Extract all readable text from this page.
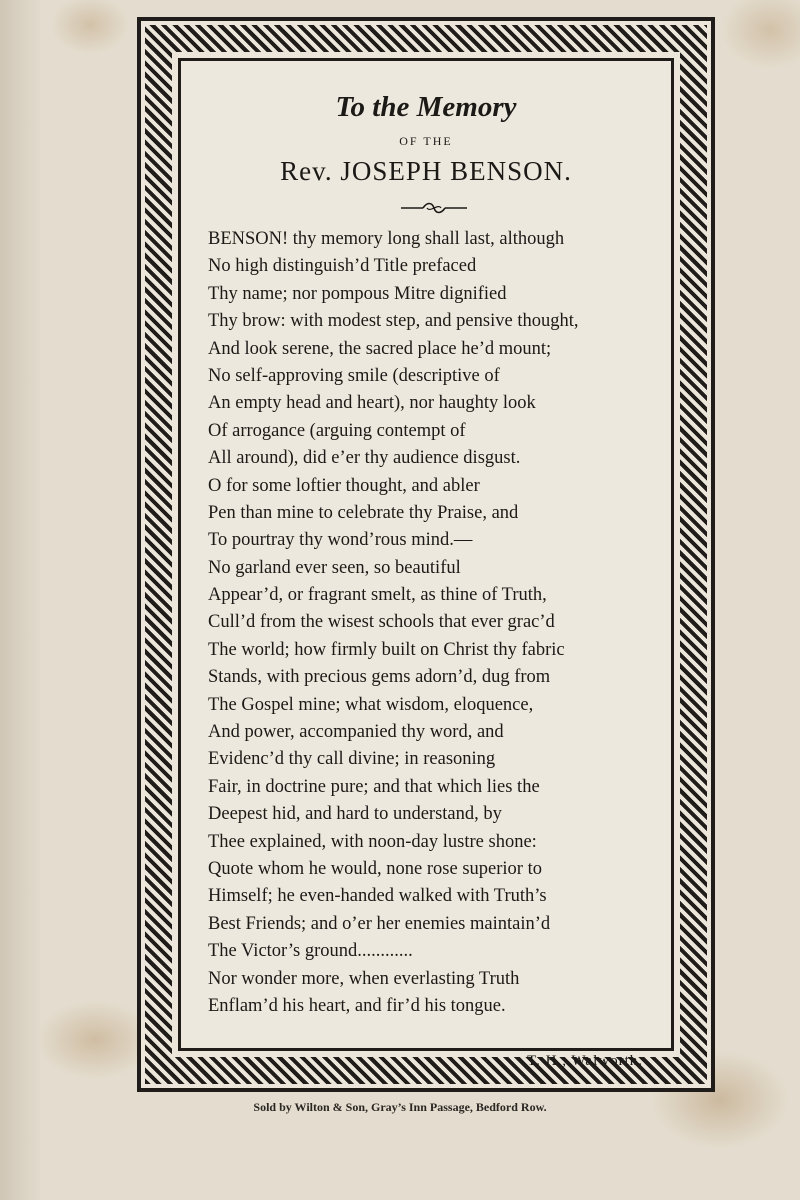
To the Memory
OF THE
Rev. JOSEPH BENSON.
BENSON! thy memory long shall last, although
No high distinguish’d Title prefaced
Thy name; nor pompous Mitre dignified
Thy brow: with modest step, and pensive thought,
And look serene, the sacred place he’d mount;
No self-approving smile (descriptive of
An empty head and heart), nor haughty look
Of arrogance (arguing contempt of
All around), did e’er thy audience disgust.
O for some loftier thought, and abler
Pen than mine to celebrate thy Praise, and
To pourtray thy wond’rous mind.—
No garland ever seen, so beautiful
Appear’d, or fragrant smelt, as thine of Truth,
Cull’d from the wisest schools that ever grac’d
The world; how firmly built on Christ thy fabric
Stands, with precious gems adorn’d, dug from
The Gospel mine; what wisdom, eloquence,
And power, accompanied thy word, and
Evidenc’d thy call divine; in reasoning
Fair, in doctrine pure; and that which lies the
Deepest hid, and hard to understand, by
Thee explained, with noon-day lustre shone:
Quote whom he would, none rose superior to
Himself; he even-handed walked with Truth’s
Best Friends; and o’er her enemies maintain’d
The Victor’s ground............
Nor wonder more, when everlasting Truth
Enflam’d his heart, and fir’d his tongue.
T. H., Walworth.
Sold by Wilton & Son, Gray’s Inn Passage, Bedford Row.
